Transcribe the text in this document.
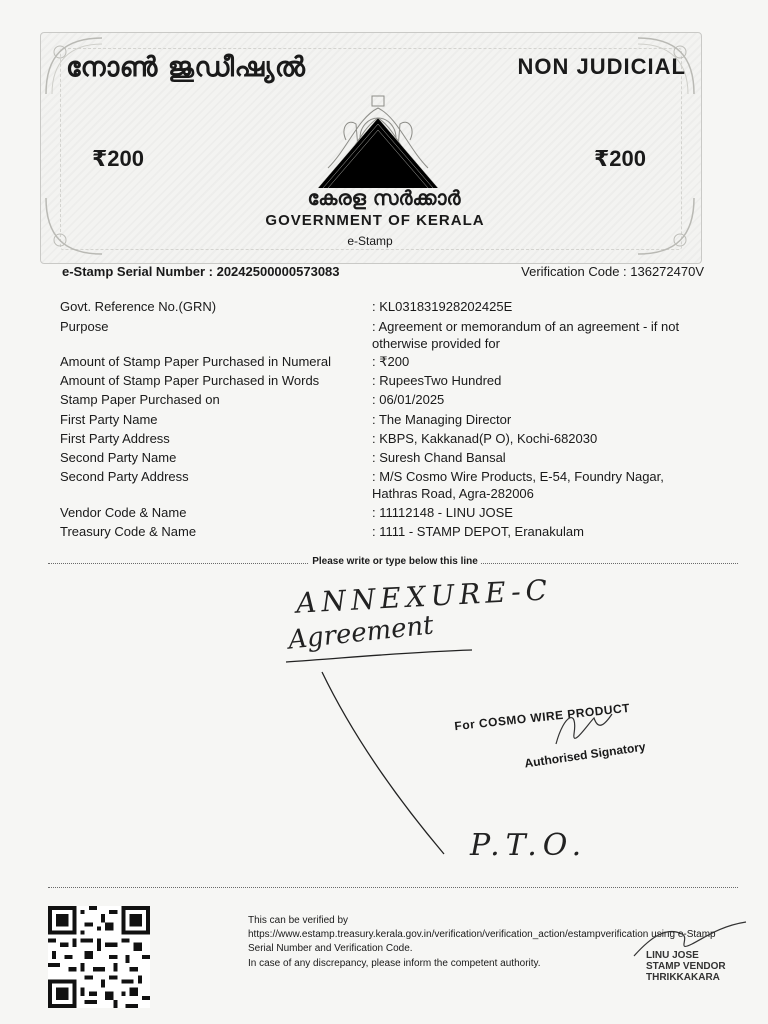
നോൺ ജുഡീഷ്യൽ	NON JUDICIAL
₹200	₹200
കേരള സർക്കാർ
GOVERNMENT OF KERALA
e-Stamp
e-Stamp Serial Number : 20242500000573083	Verification Code : 136272470V
Govt. Reference No.(GRN)	: KL031831928202425E
Purpose	: Agreement or memorandum of an agreement - if not otherwise provided for
Amount of Stamp Paper Purchased in Numeral	: ₹200
Amount of Stamp Paper Purchased in Words	: RupeesTwo Hundred
Stamp Paper Purchased on	: 06/01/2025
First Party Name	: The Managing Director
First Party Address	: KBPS, Kakkanad(P O), Kochi-682030
Second Party Name	: Suresh Chand Bansal
Second Party Address	: M/S Cosmo Wire Products, E-54, Foundry Nagar, Hathras Road, Agra-282006
Vendor Code & Name	: 11112148 - LINU JOSE
Treasury Code & Name	: 1111 - STAMP DEPOT, Eranakulam
Please write or type below this line
ANNEXURE-C
Agreement
For COSMO WIRE PRODUCT
Authorised Signatory
P.T.O.
This can be verified by https://www.estamp.treasury.kerala.gov.in/verification/verification_action/estampverification using e-Stamp Serial Number and Verification Code.
In case of any discrepancy, please inform the competent authority.
LINU JOSE
STAMP VENDOR
THRIKKAKARA
